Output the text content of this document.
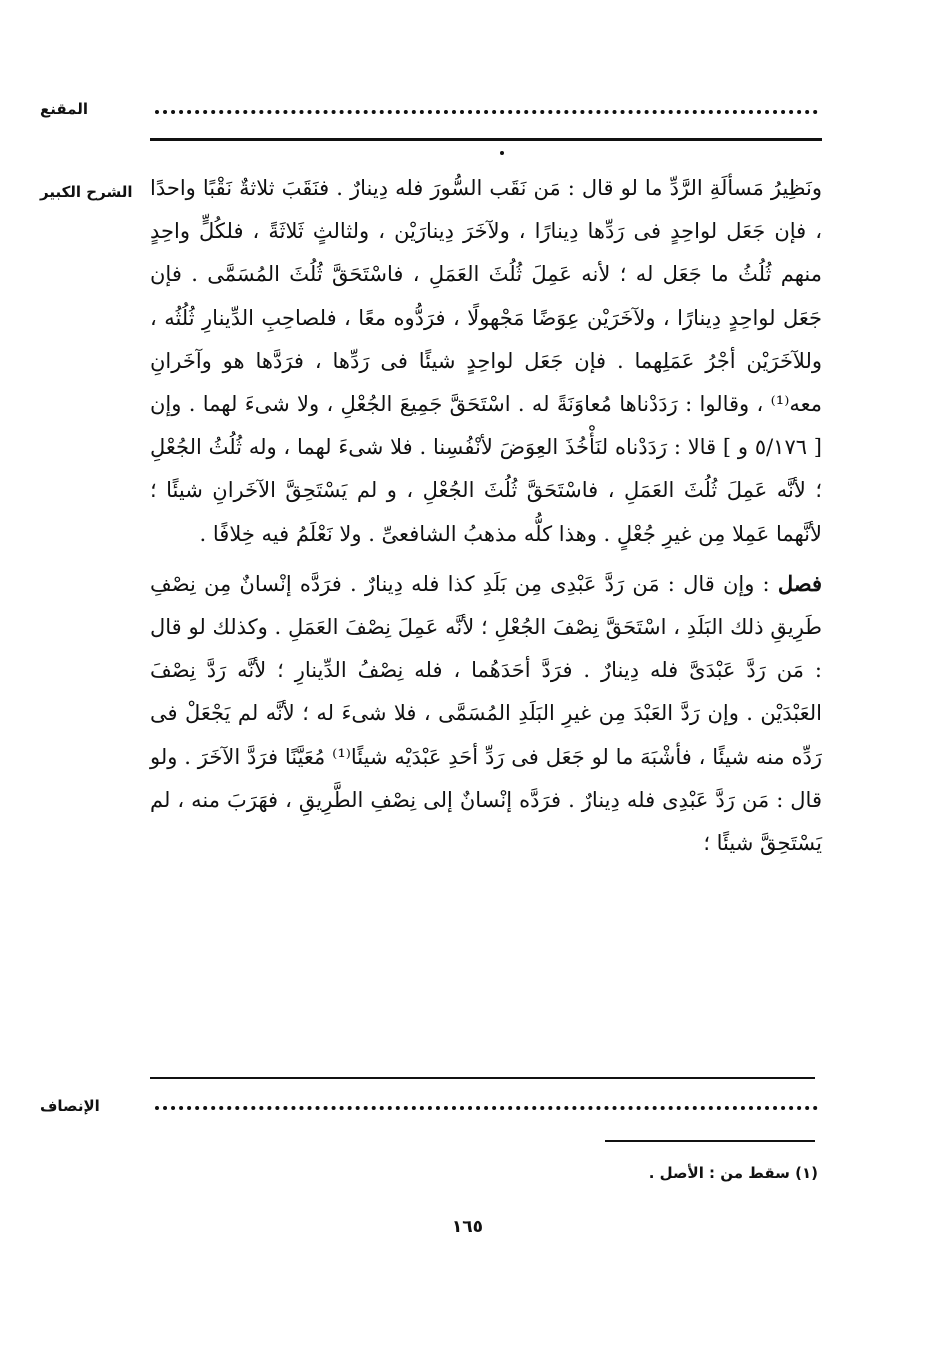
المقنع
الشرح الكبير ونَظِيرُ مَسألَةِ الرَّدِّ ما لو قال : مَن نَقَب السُّورَ فله دِينارٌ . فنَقَبَ ثلاثةٌ نَقْبًا واحدًا ، فإن جَعَل لواحِدٍ فى رَدِّها دِينارًا ، ولآخَرَ دِينارَيْن ، ولثالثٍ ثَلاثَةً ، فلكُلٍّ واحِدٍ منهم ثُلُثُ ما جَعَل له ؛ لأنه عَمِلَ ثُلُثَ العَمَلِ ، فاسْتَحَقَّ ثُلُثَ المُسَمَّى . فإن جَعَل لواحِدٍ دِينارًا ، ولآخَرَيْن عِوَضًا مَجْهولًا ، فرَدُّوه معًا ، فلصاحِبِ الدِّينارِ ثُلُثُه ، وللآخَرَيْن أجْرُ عَمَلِهما . فإن جَعَل لواحِدٍ شيئًا فى رَدِّها ، فرَدَّها هو وآخَرانِ معه⁽¹⁾ ، وقالوا : رَدَدْناها مُعاوَنَةً له . اسْتَحَقَّ جَمِيعَ الجُعْلِ ، ولا شىءَ لهما . وإن [ ٥/١٧٦ و ] قالا : رَدَدْناه لنَأْخُذَ العِوَضَ لأنْفُسِنا . فلا شىءَ لهما ، وله ثُلُثُ الجُعْلِ ؛ لأنَّه عَمِلَ ثُلُثَ العَمَلِ ، فاسْتَحَقَّ ثُلُثَ الجُعْلِ ، و لم يَسْتَحِقَّ الآخَرانِ شيئًا ؛ لأنَّهما عَمِلا مِن غيرِ جُعْلٍ . وهذا كلُّه مذهبُ الشافعىِّ . ولا نَعْلَمُ فيه خِلافًا .

فصل : وإن قال : مَن رَدَّ عَبْدِى مِن بَلَدِ كذا فله دِينارٌ . فرَدَّه إنْسانٌ مِن نِصْفِ طَرِيقِ ذلك البَلَدِ ، اسْتَحَقَّ نِصْفَ الجُعْلِ ؛ لأنَّه عَمِلَ نِصْفَ العَمَلِ . وكذلك لو قال : مَن رَدَّ عَبْدَىَّ فله دِينارٌ . فرَدَّ أحَدَهُما ، فله نِصْفُ الدِّينارِ ؛ لأنَّه رَدَّ نِصْفَ العَبْدَيْن . وإن رَدَّ العَبْدَ مِن غيرِ البَلَدِ المُسَمَّى ، فلا شىءَ له ؛ لأنَّه لم يَجْعَلْ فى رَدِّه منه شيئًا ، فأشْبَهَ ما لو جَعَل فى رَدِّ أحَدِ عَبْدَيْه شيئًا⁽¹⁾ مُعَيَّنًا فرَدَّ الآخَرَ . ولو قال : مَن رَدَّ عَبْدِى فله دِينارٌ . فرَدَّه إنْسانٌ إلى نِصْفِ الطَّرِيقِ ، فهَرَبَ منه ، لم يَسْتَحِقَّ شيئًا ؛

الإنصاف
(١) سقط من : الأصل .
١٦٥
